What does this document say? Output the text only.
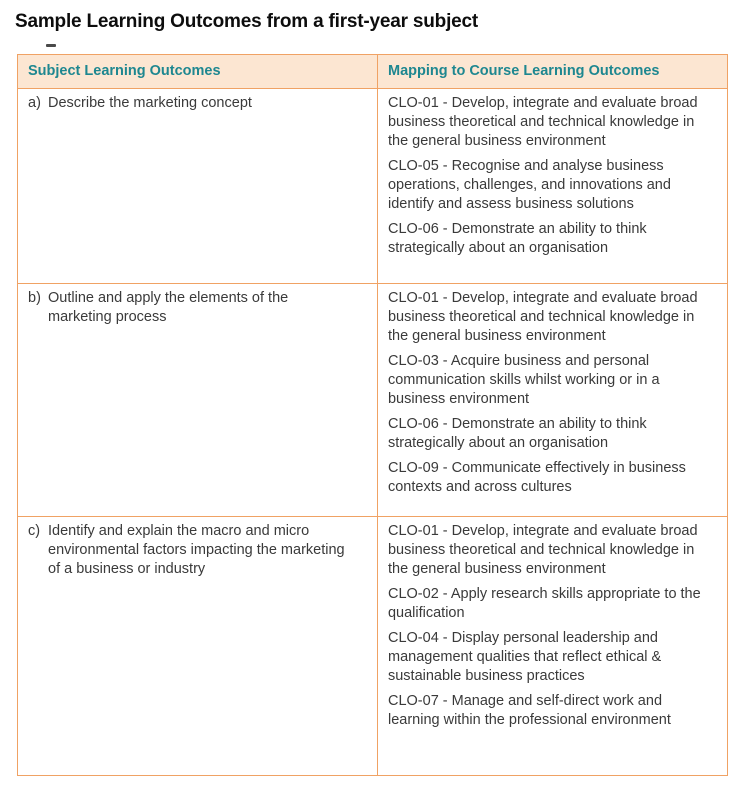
Sample Learning Outcomes from a first-year subject
Subject Learning Outcomes	Mapping to Course Learning Outcomes
a) Describe the marketing concept	CLO-01 - Develop, integrate and evaluate broad business theoretical and technical knowledge in the general business environment

CLO-05 - Recognise and analyse business operations, challenges, and innovations and identify and assess business solutions

CLO-06 - Demonstrate an ability to think strategically about an organisation

b) Outline and apply the elements of the marketing process

CLO-01 - Develop, integrate and evaluate broad business theoretical and technical knowledge in the general business environment

CLO-03 - Acquire business and personal communication skills whilst working or in a business environment

CLO-06 - Demonstrate an ability to think strategically about an organisation

CLO-09 - Communicate effectively in business contexts and across cultures

c) Identify and explain the macro and micro environmental factors impacting the marketing of a business or industry

CLO-01 - Develop, integrate and evaluate broad business theoretical and technical knowledge in the general business environment

CLO-02 - Apply research skills appropriate to the qualification

CLO-04 - Display personal leadership and management qualities that reflect ethical & sustainable business practices

CLO-07 - Manage and self-direct work and learning within the professional environment
